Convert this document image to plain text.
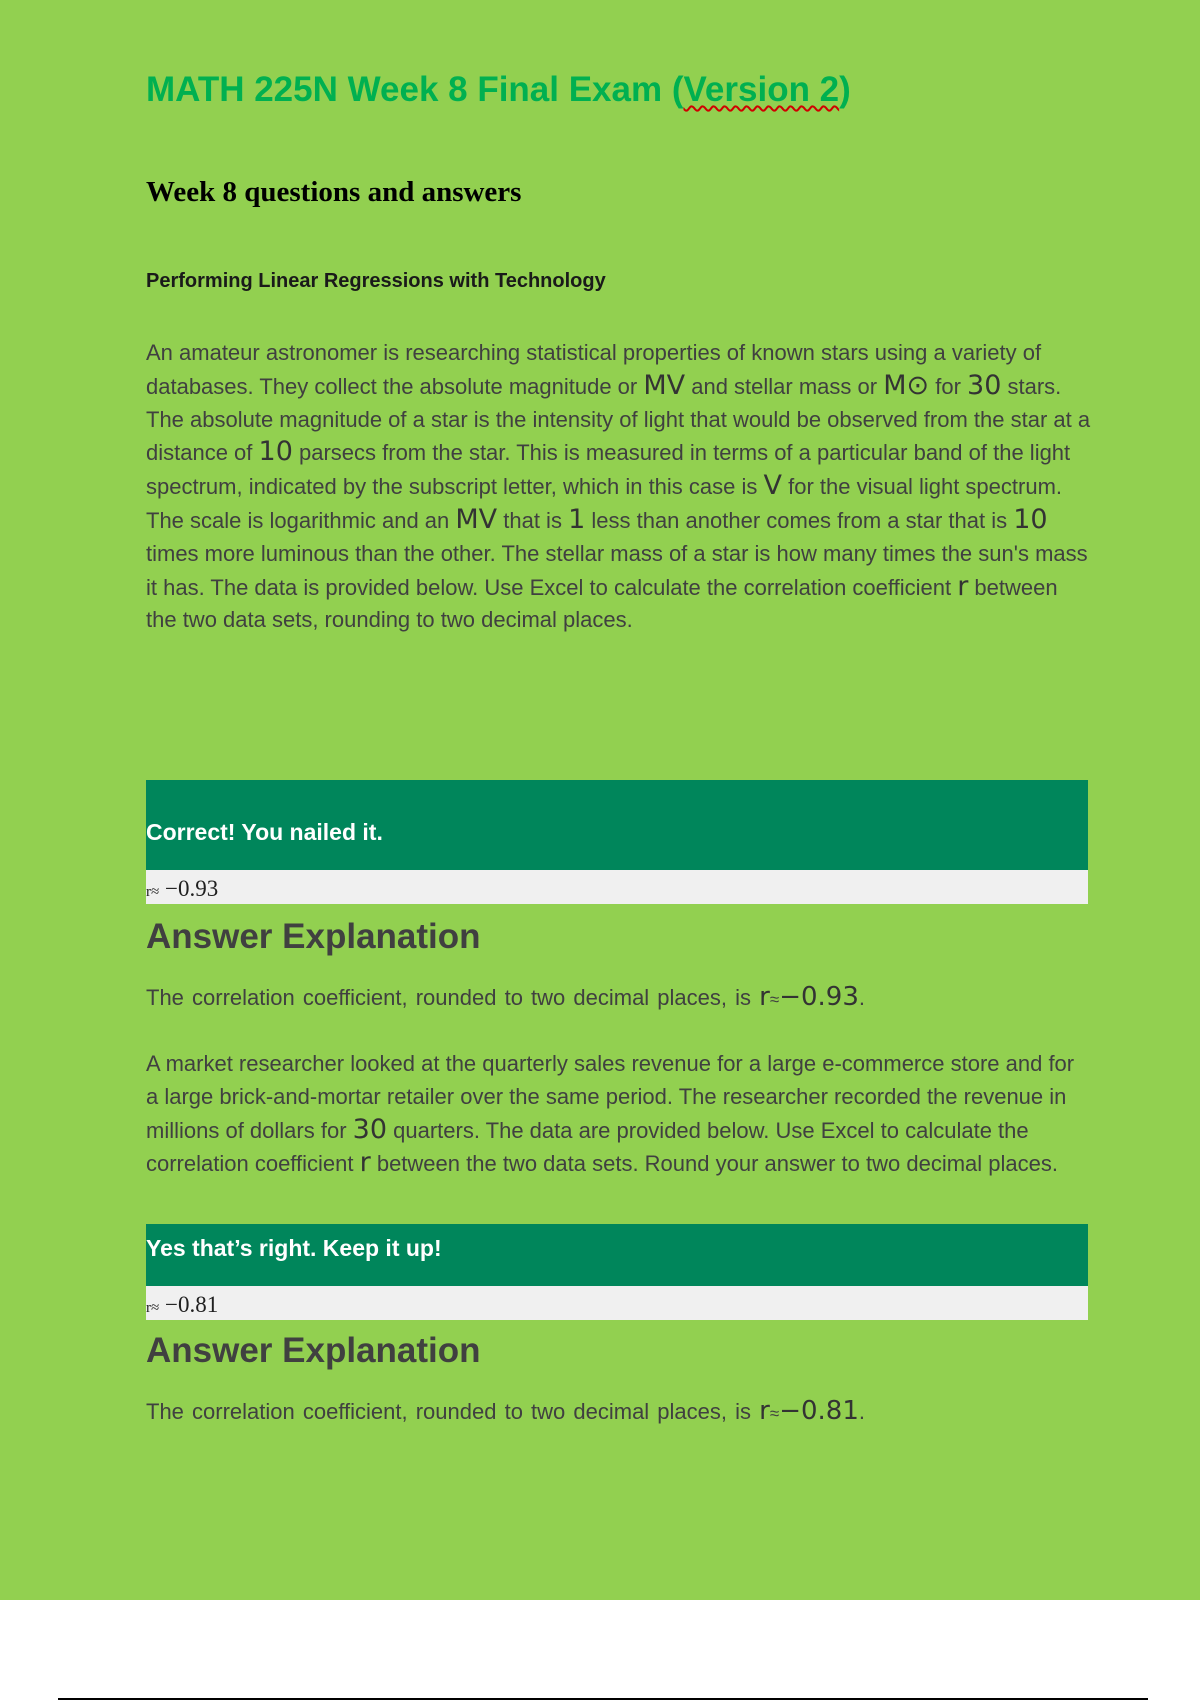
MATH 225N Week 8 Final Exam (Version 2)
Week 8 questions and answers
Performing Linear Regressions with Technology
An amateur astronomer is researching statistical properties of known stars using a variety of databases. They collect the absolute magnitude or MV and stellar mass or M⊙ for 30 stars. The absolute magnitude of a star is the intensity of light that would be observed from the star at a distance of 10 parsecs from the star. This is measured in terms of a particular band of the light spectrum, indicated by the subscript letter, which in this case is V for the visual light spectrum. The scale is logarithmic and an MV that is 1 less than another comes from a star that is 10 times more luminous than the other. The stellar mass of a star is how many times the sun's mass it has. The data is provided below. Use Excel to calculate the correlation coefficient r between the two data sets, rounding to two decimal places.
Correct! You nailed it.
r≈ −0.93
Answer Explanation
The correlation coefficient, rounded to two decimal places, is r≈−0.93.
A market researcher looked at the quarterly sales revenue for a large e-commerce store and for a large brick-and-mortar retailer over the same period. The researcher recorded the revenue in millions of dollars for 30 quarters. The data are provided below. Use Excel to calculate the correlation coefficient r between the two data sets. Round your answer to two decimal places.
Yes that’s right. Keep it up!
r≈ −0.81
Answer Explanation
The correlation coefficient, rounded to two decimal places, is r≈−0.81.
